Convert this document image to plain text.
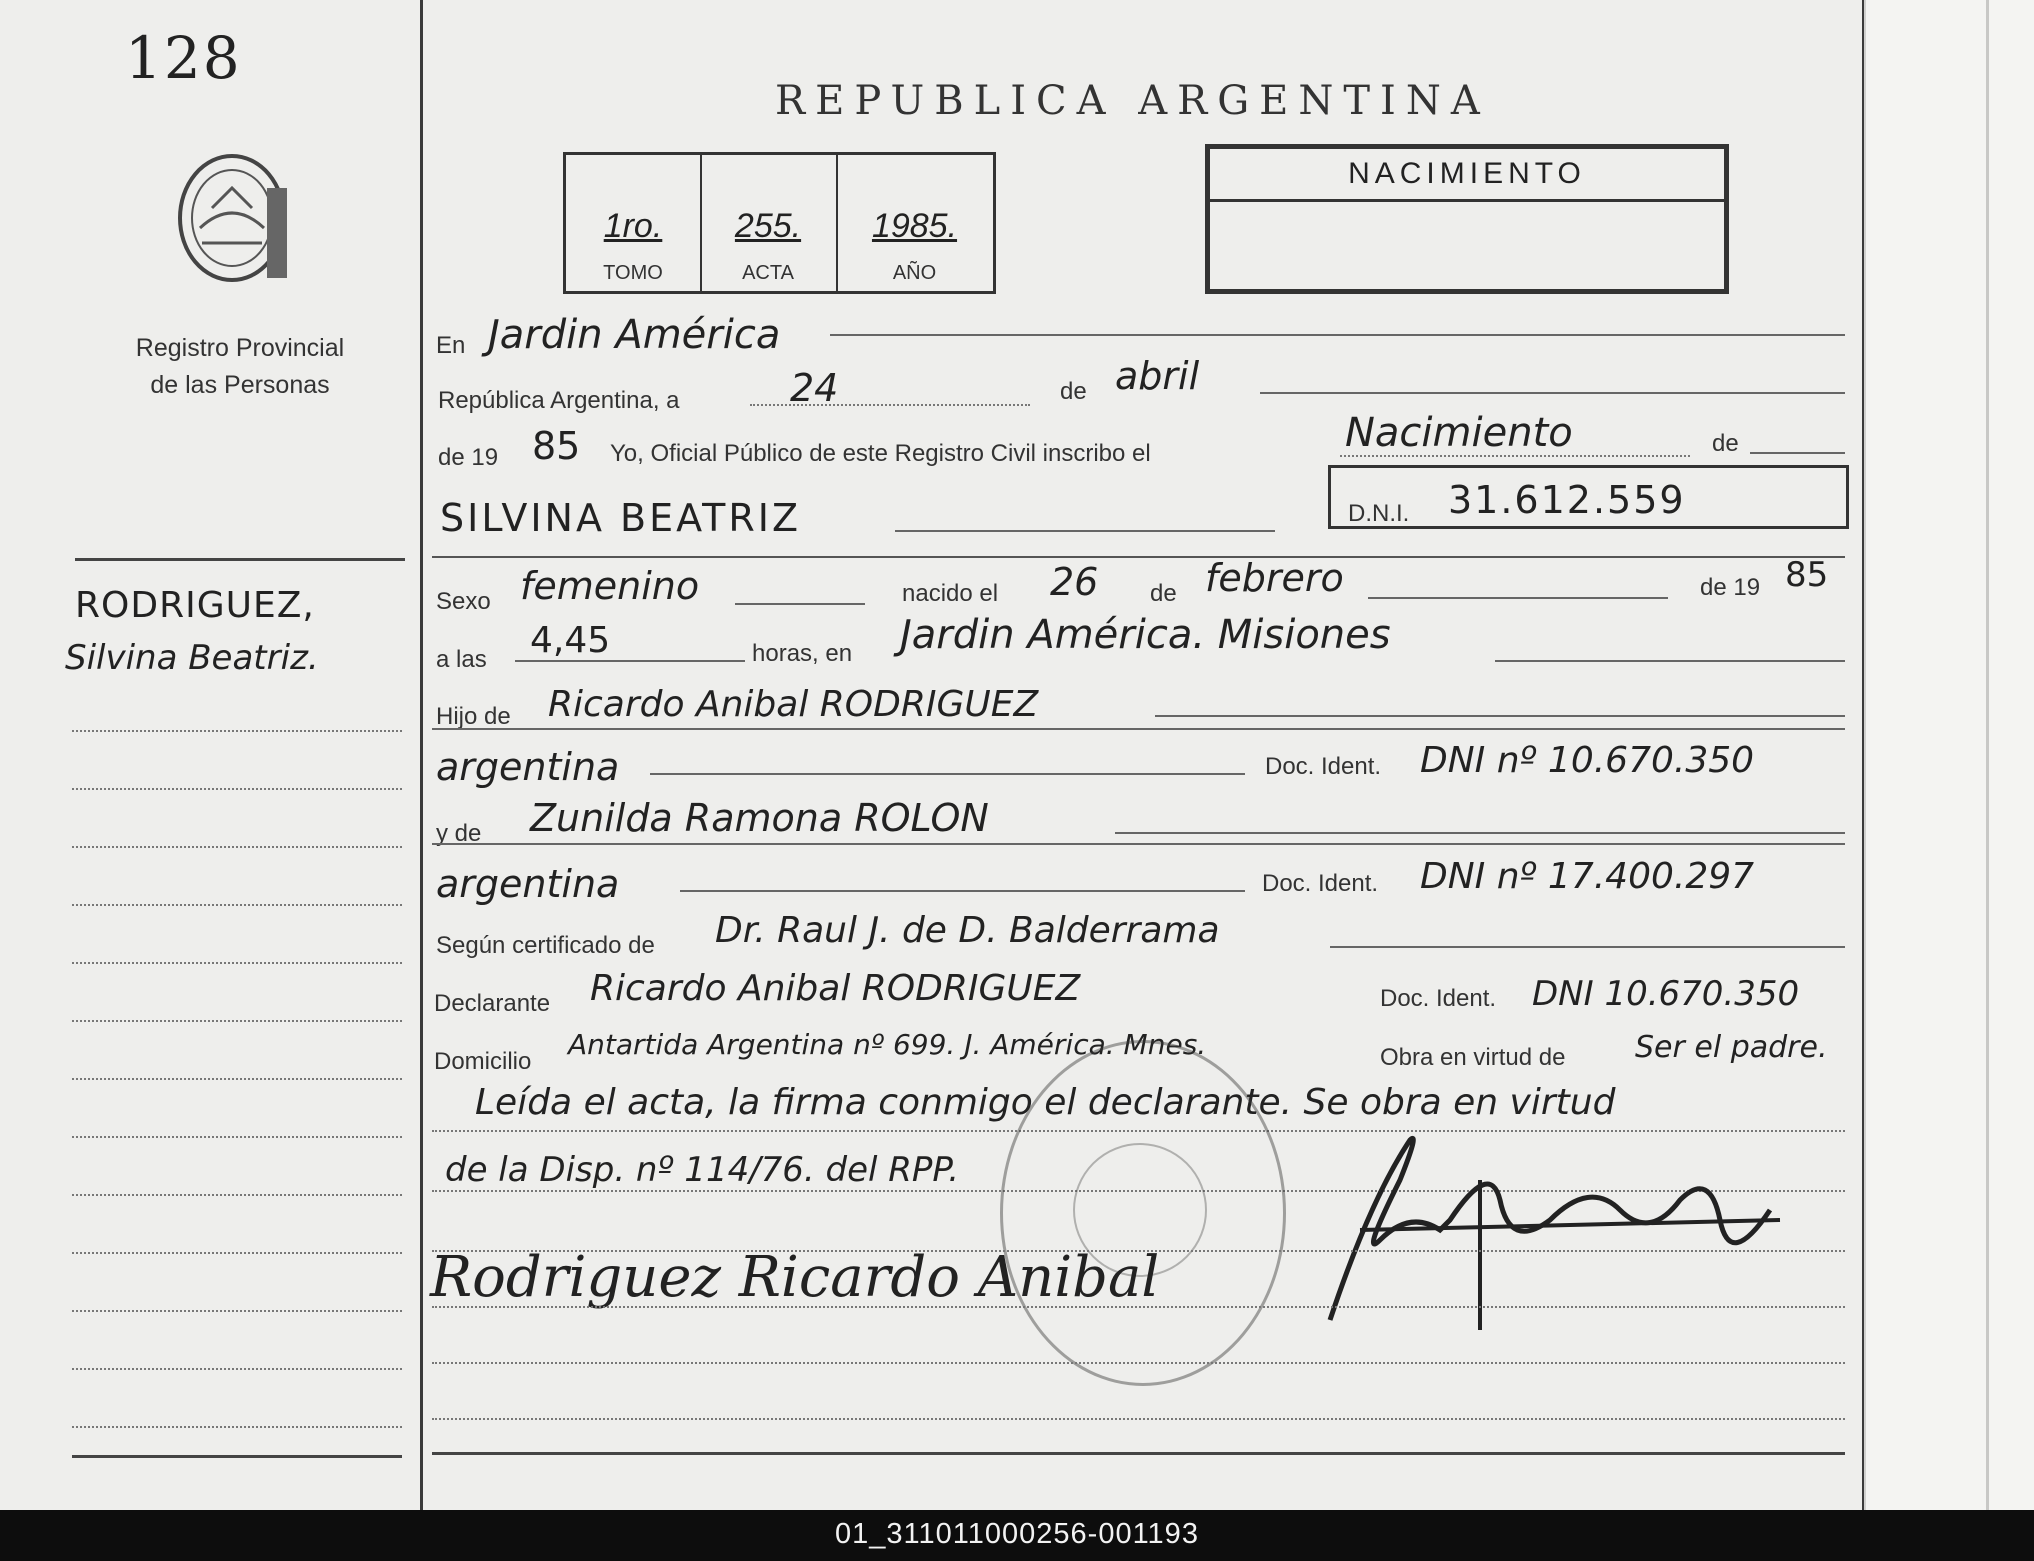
128
Registro Provincial
de las Personas
RODRIGUEZ,
Silvina Beatriz.
REPUBLICA ARGENTINA
1ro.
TOMO
255.
ACTA
1985.
AÑO
NACIMIENTO
En Jardin América
República Argentina, a	24	de abril
de 19 85 Yo, Oficial Público de este Registro Civil inscribo el	Nacimiento	de
SILVINA BEATRIZ	D.N.I. 31.612.559
Sexo femenino	nacido el 26 de febrero	de 19 85
a las 4,45	horas, en Jardin América. Misiones
Hijo de Ricardo Anibal RODRIGUEZ
argentina	Doc. Ident. DNI nº 10.670.350
y de Zunilda Ramona ROLON
argentina	Doc. Ident. DNI nº 17.400.297
Según certificado de Dr. Raul J. de D. Balderrama
Declarante Ricardo Anibal RODRIGUEZ	Doc. Ident. DNI 10.670.350
Domicilio
Antartida Argentina nº 699. J. América. Mnes.	Obra en virtud de Ser el padre.
Leída el acta, la firma conmigo el declarante. Se obra en virtud
de la Disp. nº 114/76. del RPP.
Rodriguez Ricardo Anibal
01_311011000256-001193
